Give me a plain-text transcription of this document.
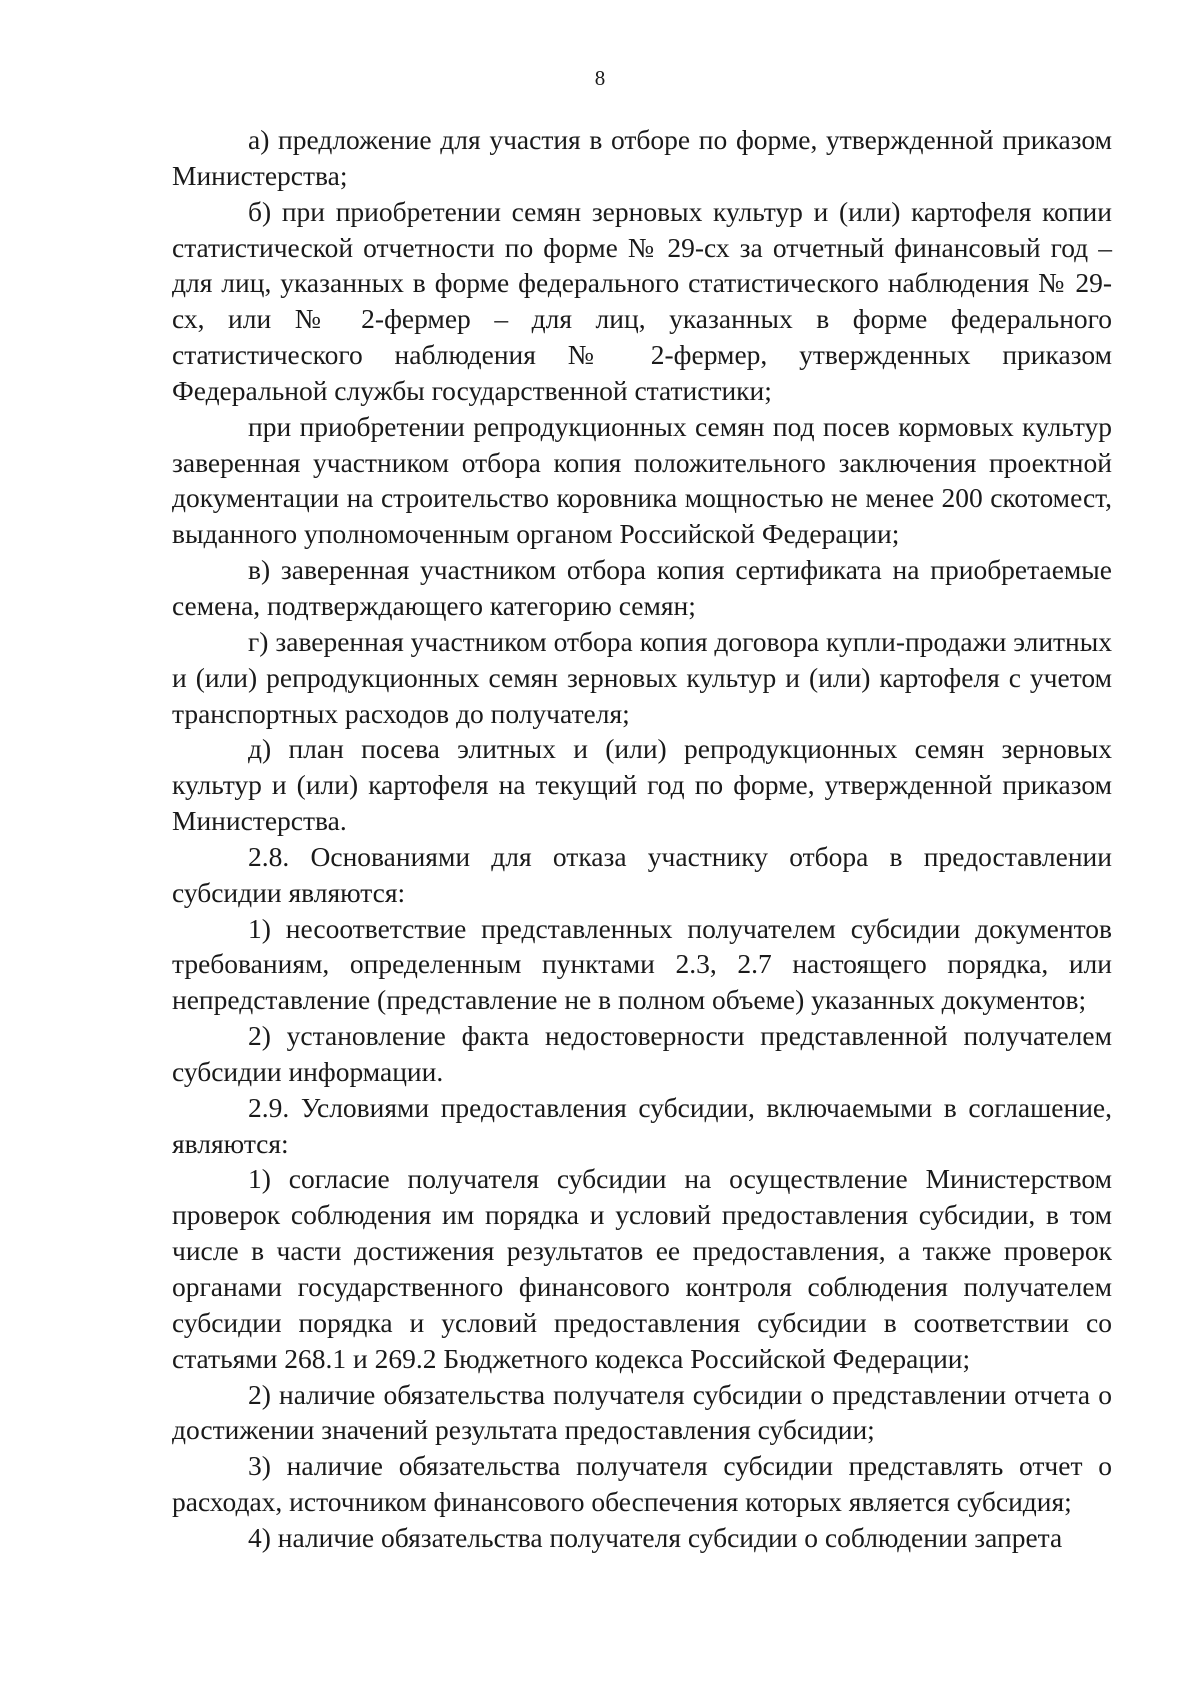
8

а) предложение для участия в отборе по форме, утвержденной приказом Министерства;

б) при приобретении семян зерновых культур и (или) картофеля копии статистической отчетности по форме № 29-сх за отчетный финансовый год – для лиц, указанных в форме федерального статистического наблюдения № 29-сх, или № 2-фермер – для лиц, указанных в форме федерального статистического наблюдения № 2-фермер, утвержденных приказом Федеральной службы государственной статистики;

при приобретении репродукционных семян под посев кормовых культур заверенная участником отбора копия положительного заключения проектной документации на строительство коровника мощностью не менее 200 скотомест, выданного уполномоченным органом Российской Федерации;

в) заверенная участником отбора копия сертификата на приобретаемые семена, подтверждающего категорию семян;

г) заверенная участником отбора копия договора купли-продажи элитных и (или) репродукционных семян зерновых культур и (или) картофеля с учетом транспортных расходов до получателя;

д) план посева элитных и (или) репродукционных семян зерновых культур и (или) картофеля на текущий год по форме, утвержденной приказом Министерства.

2.8. Основаниями для отказа участнику отбора в предоставлении субсидии являются:

1) несоответствие представленных получателем субсидии документов требованиям, определенным пунктами 2.3, 2.7 настоящего порядка, или непредставление (представление не в полном объеме) указанных документов;

2) установление факта недостоверности представленной получателем субсидии информации.

2.9. Условиями предоставления субсидии, включаемыми в соглашение, являются:

1) согласие получателя субсидии на осуществление Министерством проверок соблюдения им порядка и условий предоставления субсидии, в том числе в части достижения результатов ее предоставления, а также проверок органами государственного финансового контроля соблюдения получателем субсидии порядка и условий предоставления субсидии в соответствии со статьями 268.1 и 269.2 Бюджетного кодекса Российской Федерации;

2) наличие обязательства получателя субсидии о представлении отчета о достижении значений результата предоставления субсидии;

3) наличие обязательства получателя субсидии представлять отчет о расходах, источником финансового обеспечения которых является субсидия;

4) наличие обязательства получателя субсидии о соблюдении запрета
